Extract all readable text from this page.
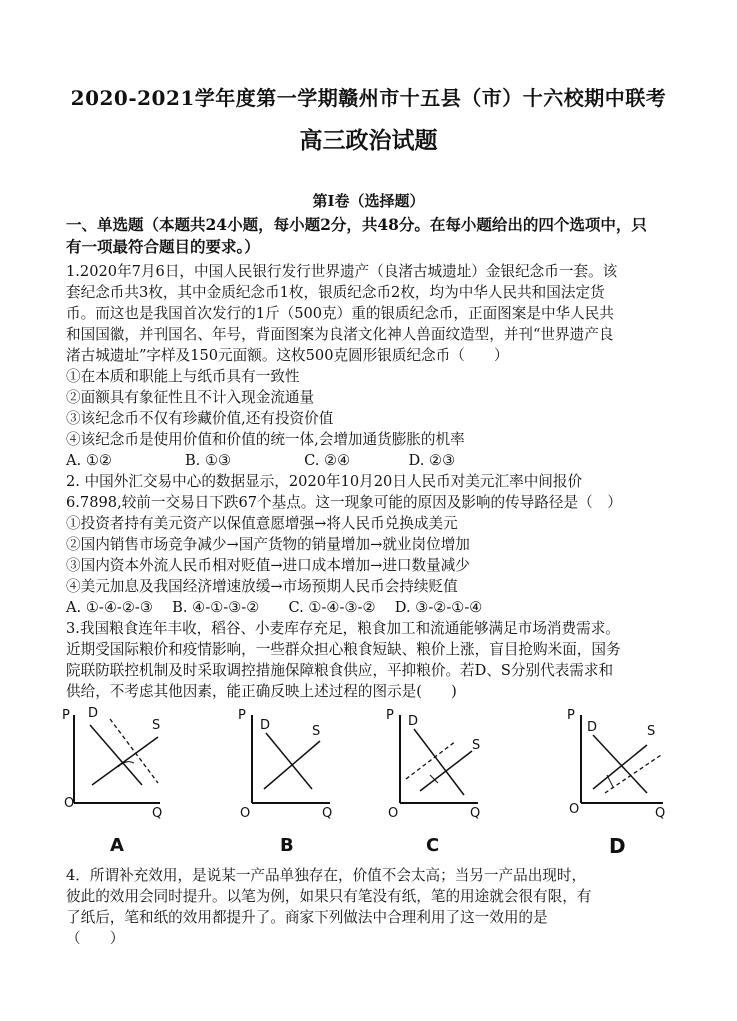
2020-2021学年度第一学期赣州市十五县（市）十六校期中联考
高三政治试题
第Ⅰ卷（选择题）
一、单选题（本题共24小题，每小题2分，共48分。在每小题给出的四个选项中，只
有一项最符合题目的要求。）
1.2020年7月6日，中国人民银行发行世界遗产（良渚古城遗址）金银纪念币一套。该
套纪念币共3枚，其中金质纪念币1枚，银质纪念币2枚，均为中华人民共和国法定货
币。而这也是我国首次发行的1斤（500克）重的银质纪念币，正面图案是中华人民共
和国国徽，并刊国名、年号，背面图案为良渚文化神人兽面纹造型，并刊“世界遗产良
渚古城遗址”字样及150元面额。这枚500克圆形银质纪念币（　　）
①在本质和职能上与纸币具有一致性
②面额具有象征性且不计入现金流通量
③该纪念币不仅有珍藏价值,还有投资价值
④该纪念币是使用价值和价值的统一体,会增加通货膨胀的机率
A. ①②　　　　　B. ①③　　　　　C. ②④　　　　D. ②③
2. 中国外汇交易中心的数据显示，2020年10月20日人民币对美元汇率中间报价
6.7898,较前一交易日下跌67个基点。这一现象可能的原因及影响的传导路径是（　）
①投资者持有美元资产以保值意愿增强→将人民币兑换成美元
②国内销售市场竞争减少→国产货物的销量增加→就业岗位增加
③国内资本外流人民币相对贬值→进口成本增加→进口数量减少
④美元加息及我国经济增速放缓→市场预期人民币会持续贬值
A. ①-④-②-③　 B. ④-①-③-②　　C. ①-④-③-②　 D. ③-②-①-④
3.我国粮食连年丰收，稻谷、小麦库存充足，粮食加工和流通能够满足市场消费需求。
近期受国际粮价和疫情影响，一些群众担心粮食短缺、粮价上涨，盲目抢购米面，国务
院联防联控机制及时采取调控措施保障粮食供应，平抑粮价。若D、S分别代表需求和
供给，不考虑其他因素，能正确反映上述过程的图示是(　　)
P
Q
O
D
S
A
P
Q
O
D	S
B
P
Q
O
D
S
C
P
Q
O
D	S
D
4．所谓补充效用，是说某一产品单独存在，价值不会太高；当另一产品出现时，
彼此的效用会同时提升。以笔为例，如果只有笔没有纸，笔的用途就会很有限，有
了纸后，笔和纸的效用都提升了。商家下列做法中合理利用了这一效用的是
（　　）
